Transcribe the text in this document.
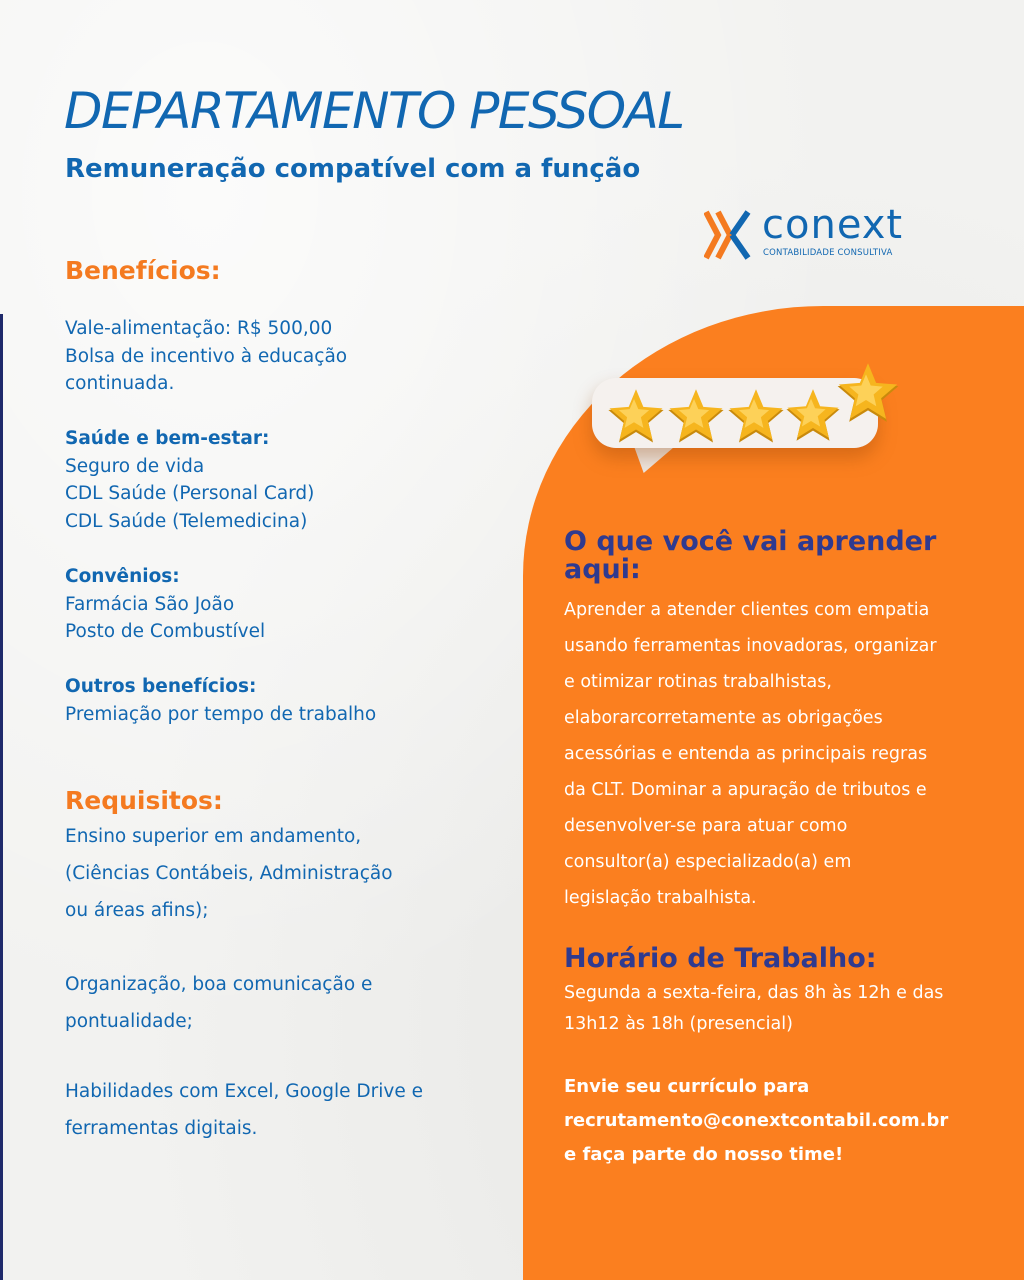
DEPARTAMENTO PESSOAL
Remuneração compatível com a função
conext
CONTABILIDADE CONSULTIVA
Benefícios:
Vale-alimentação: R$ 500,00
Bolsa de incentivo à educação
continuada.
Saúde e bem-estar:
Seguro de vida
CDL Saúde (Personal Card)
CDL Saúde (Telemedicina)
Convênios:
Farmácia São João
Posto de Combustível
Outros benefícios:
Premiação por tempo de trabalho
Requisitos:
Ensino superior em andamento,
(Ciências Contábeis, Administração
ou áreas afins);
Organização, boa comunicação e
pontualidade;
Habilidades com Excel, Google Drive e
ferramentas digitais.
O que você vai aprender
aqui:
Aprender a atender clientes com empatia
usando ferramentas inovadoras, organizar
e otimizar rotinas trabalhistas,
elaborarcorretamente as obrigações
acessórias e entenda as principais regras
da CLT. Dominar a apuração de tributos e
desenvolver-se para atuar como
consultor(a) especializado(a) em
legislação trabalhista.
Horário de Trabalho:
Segunda a sexta-feira, das 8h às 12h e das
13h12 às 18h (presencial)
Envie seu currículo para
recrutamento@conextcontabil.com.br
e faça parte do nosso time!
